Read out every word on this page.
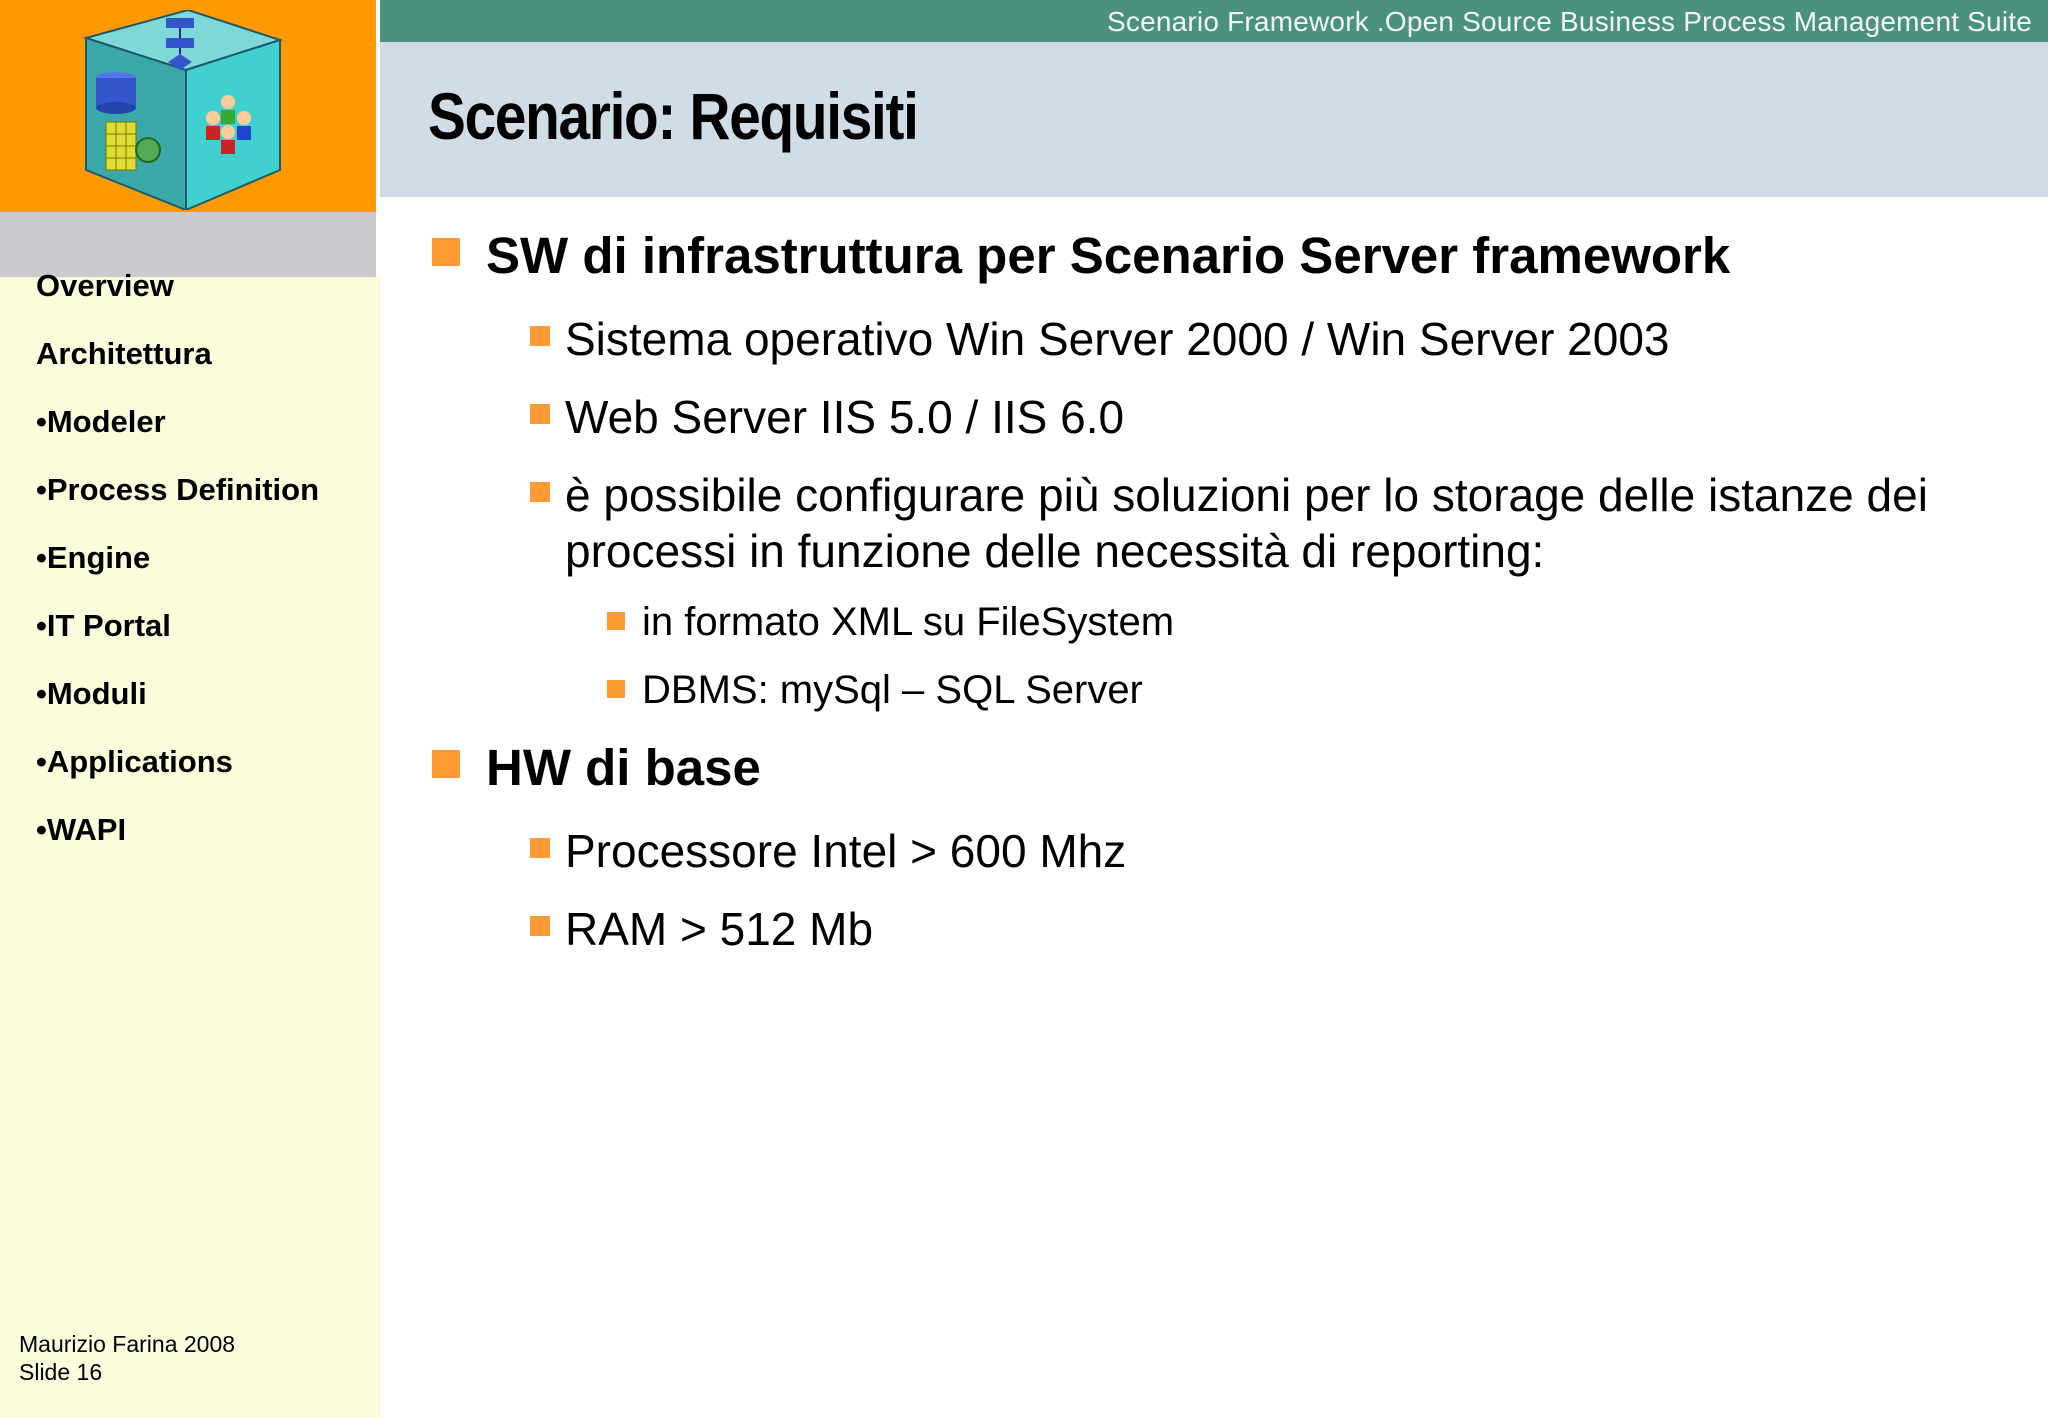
Overview
Architettura
•Modeler
•Process Definition
•Engine
•IT Portal
•Moduli
•Applications
•WAPI
Maurizio Farina 2008
Slide 16
Scenario Framework .Open Source Business Process Management Suite
Scenario: Requisiti
SW di infrastruttura per Scenario Server framework
Sistema operativo Win Server 2000 / Win Server 2003
Web Server IIS 5.0 / IIS 6.0
è possibile configurare più soluzioni per lo storage delle istanze dei
processi in funzione delle necessità di reporting:
in formato XML su FileSystem
DBMS: mySql – SQL Server
HW di base
Processore Intel > 600 Mhz
RAM > 512 Mb
